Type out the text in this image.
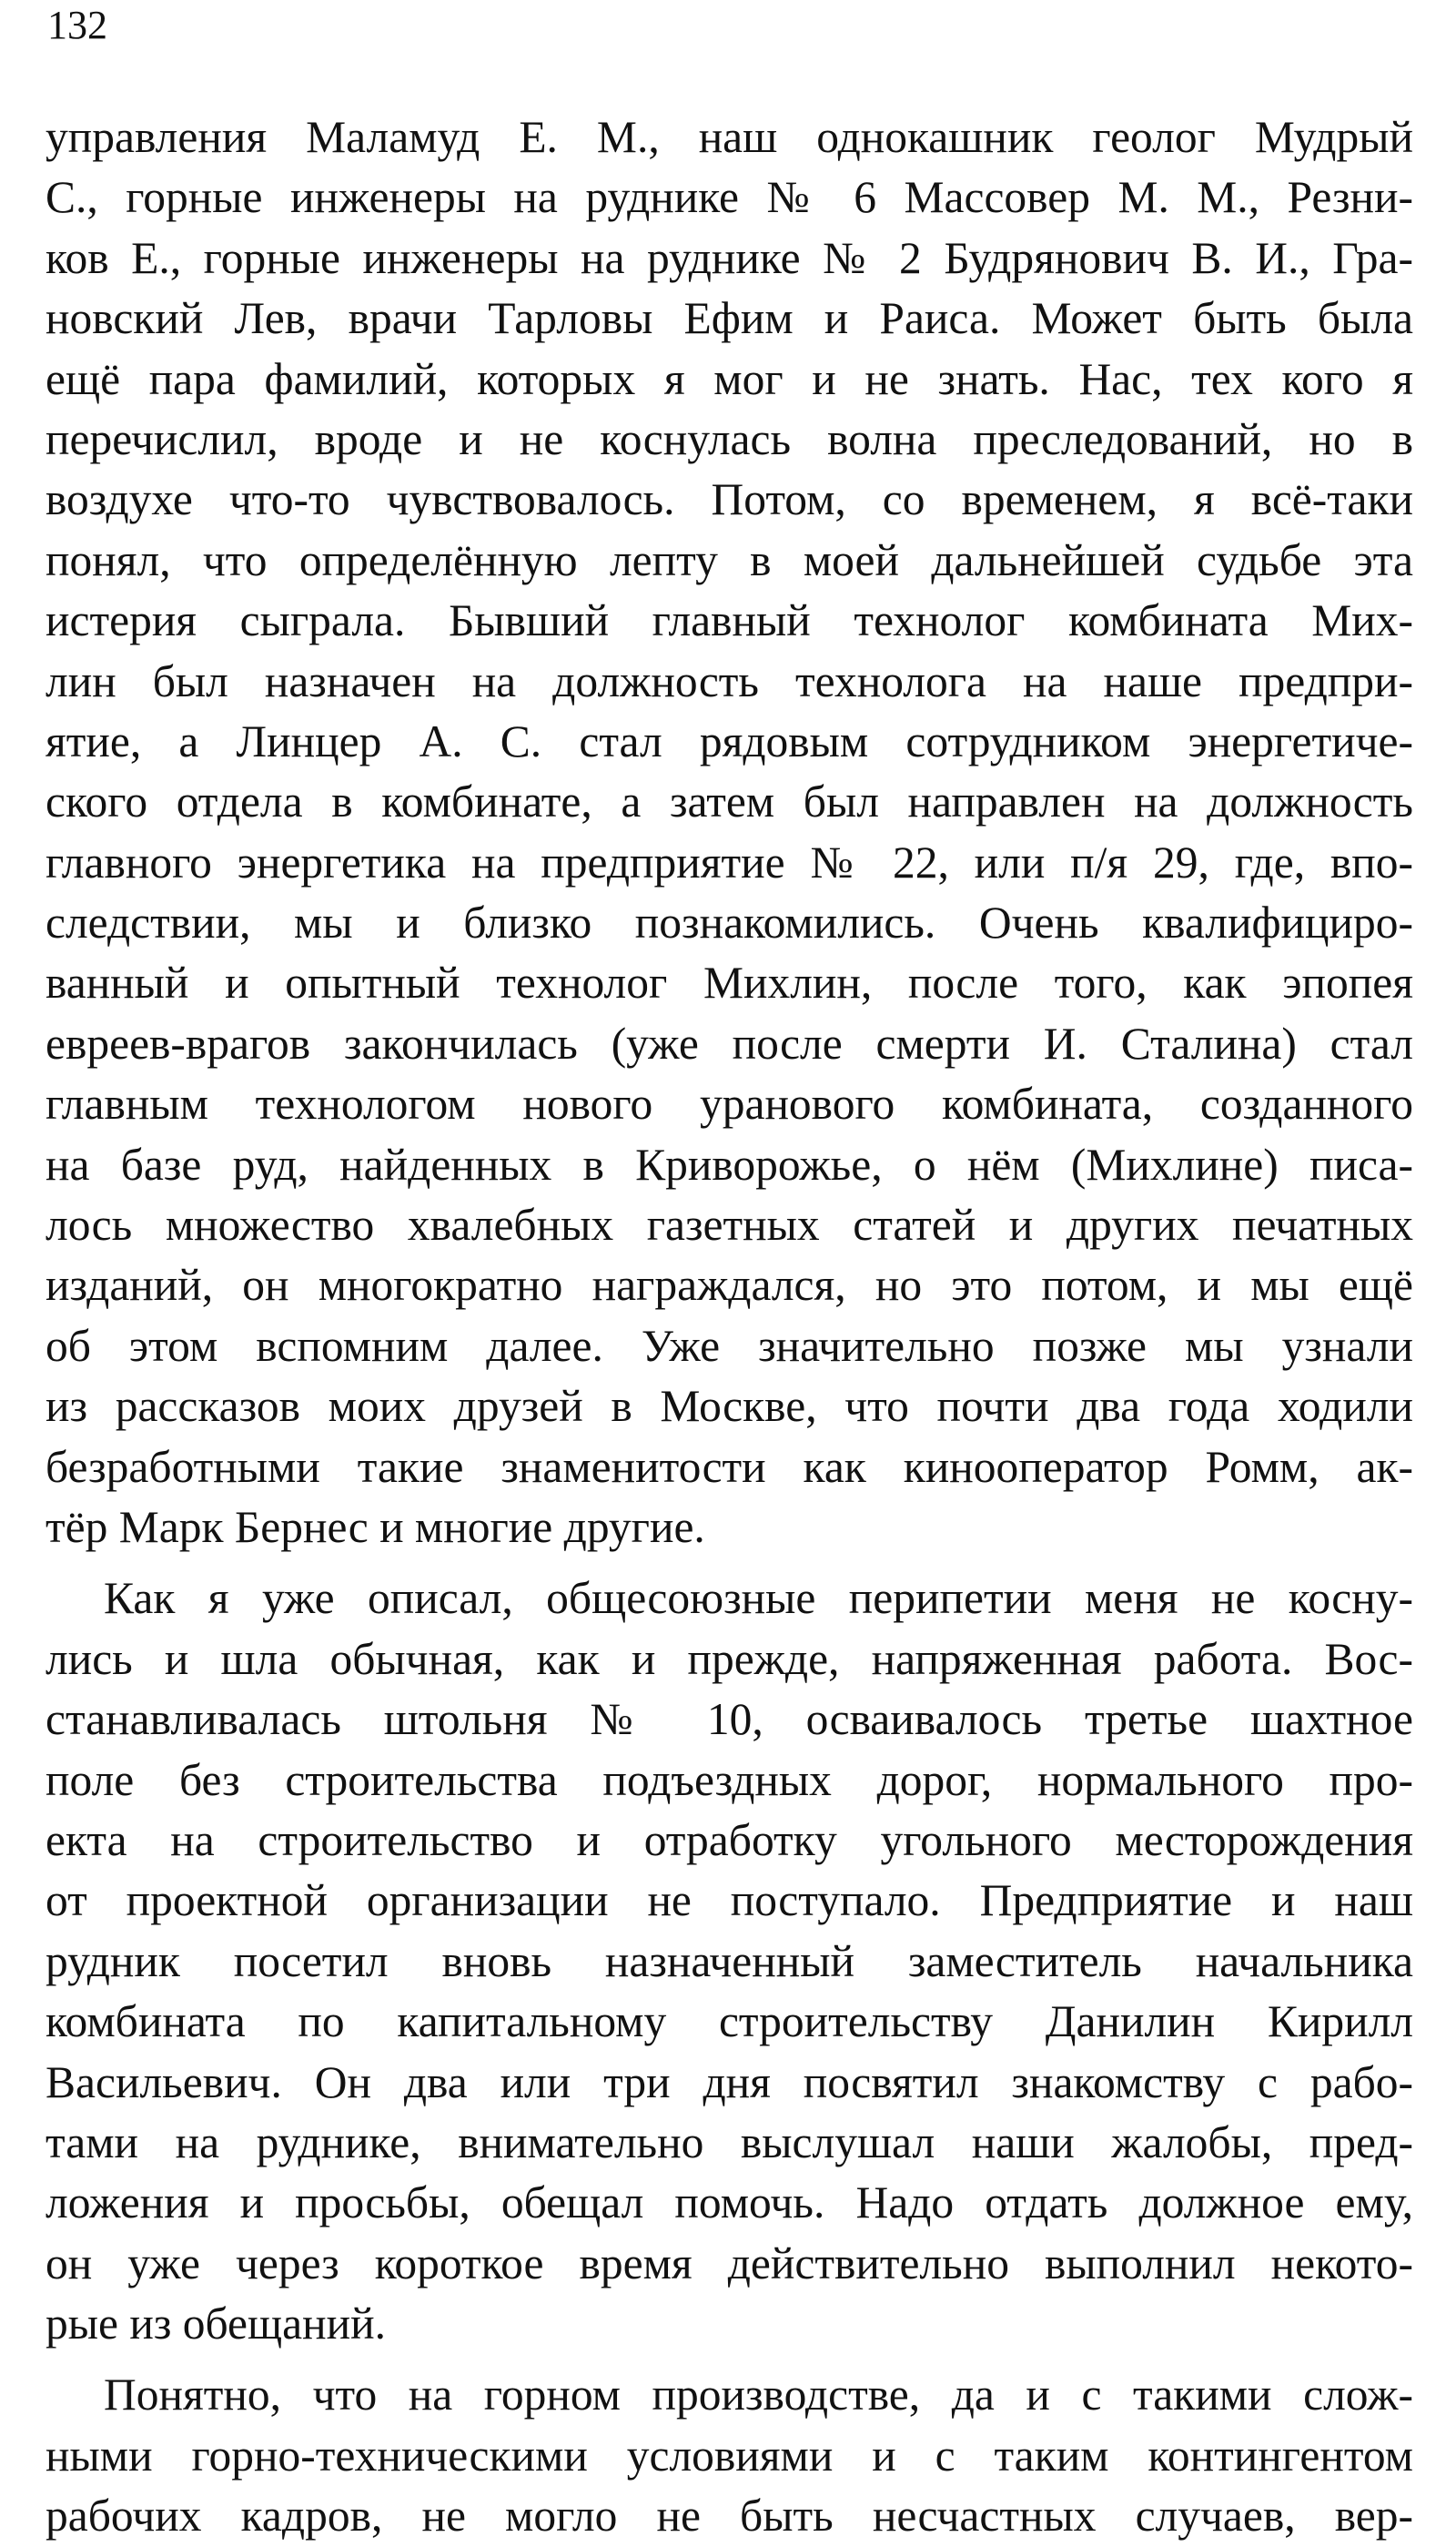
132
управления Маламуд Е. М., наш однокашник геолог Мудрый
С., горные инженеры на руднике № 6 Массовер М. М., Резни-
ков Е., горные инженеры на руднике № 2 Будрянович В. И., Гра-
новский Лев, врачи Тарловы Ефим и Раиса. Может быть была
ещё пара фамилий, которых я мог и не знать. Нас, тех кого я
перечислил, вроде и не коснулась волна преследований, но в
воздухе что-то чувствовалось. Потом, со временем, я всё-таки
понял, что определённую лепту в моей дальнейшей судьбе эта
истерия сыграла. Бывший главный технолог комбината Мих-
лин был назначен на должность технолога на наше предпри-
ятие, а Линцер А. С. стал рядовым сотрудником энергетиче-
ского отдела в комбинате, а затем был направлен на должность
главного энергетика на предприятие № 22, или п/я 29, где, впо-
следствии, мы и близко познакомились. Очень квалифициро-
ванный и опытный технолог Михлин, после того, как эпопея
евреев-врагов закончилась (уже после смерти И. Сталина) стал
главным технологом нового уранового комбината, созданного
на базе руд, найденных в Криворожье, о нём (Михлине) писа-
лось множество хвалебных газетных статей и других печатных
изданий, он многократно награждался, но это потом, и мы ещё
об этом вспомним далее. Уже значительно позже мы узнали
из рассказов моих друзей в Москве, что почти два года ходили
безработными такие знаменитости как кинооператор Ромм, ак-
тёр Марк Бернес и многие другие.
Как я уже описал, общесоюзные перипетии меня не косну-
лись и шла обычная, как и прежде, напряженная работа. Вос-
станавливалась штольня № 10, осваивалось третье шахтное
поле без строительства подъездных дорог, нормального про-
екта на строительство и отработку угольного месторождения
от проектной организации не поступало. Предприятие и наш
рудник посетил вновь назначенный заместитель начальника
комбината по капитальному строительству Данилин Кирилл
Васильевич. Он два или три дня посвятил знакомству с рабо-
тами на руднике, внимательно выслушал наши жалобы, пред-
ложения и просьбы, обещал помочь. Надо отдать должное ему,
он уже через короткое время действительно выполнил некото-
рые из обещаний.
Понятно, что на горном производстве, да и с такими слож-
ными горно-техническими условиями и с таким контингентом
рабочих кадров, не могло не быть несчастных случаев, вер-
